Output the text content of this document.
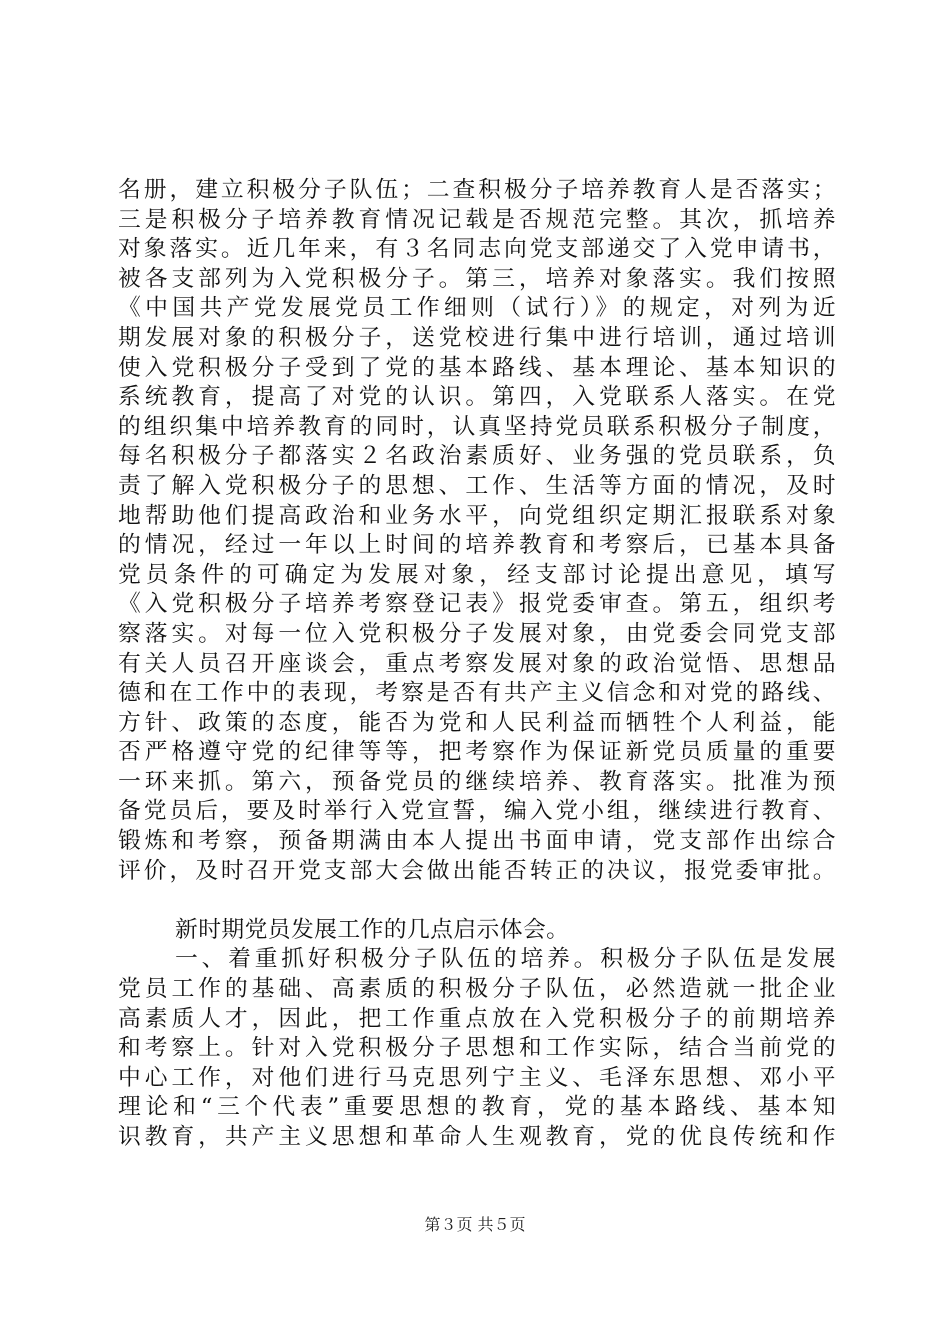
名册，建立积极分子队伍；二查积极分子培养教育人是否落实；
三是积极分子培养教育情况记载是否规范完整。其次，抓培养
对象落实。近几年来，有３名同志向党支部递交了入党申请书，
被各支部列为入党积极分子。第三，培养对象落实。我们按照
《中国共产党发展党员工作细则（试行）》的规定，对列为近
期发展对象的积极分子，送党校进行集中进行培训，通过培训
使入党积极分子受到了党的基本路线、基本理论、基本知识的
系统教育，提高了对党的认识。第四，入党联系人落实。在党
的组织集中培养教育的同时，认真坚持党员联系积极分子制度，
每名积极分子都落实２名政治素质好、业务强的党员联系，负
责了解入党积极分子的思想、工作、生活等方面的情况，及时
地帮助他们提高政治和业务水平，向党组织定期汇报联系对象
的情况，经过一年以上时间的培养教育和考察后，已基本具备
党员条件的可确定为发展对象，经支部讨论提出意见，填写
《入党积极分子培养考察登记表》报党委审查。第五，组织考
察落实。对每一位入党积极分子发展对象，由党委会同党支部
有关人员召开座谈会，重点考察发展对象的政治觉悟、思想品
德和在工作中的表现，考察是否有共产主义信念和对党的路线、
方针、政策的态度，能否为党和人民利益而牺牲个人利益，能
否严格遵守党的纪律等等，把考察作为保证新党员质量的重要
一环来抓。第六，预备党员的继续培养、教育落实。批准为预
备党员后，要及时举行入党宣誓，编入党小组，继续进行教育、
锻炼和考察，预备期满由本人提出书面申请，党支部作出综合
评价，及时召开党支部大会做出能否转正的决议，报党委审批。
新时期党员发展工作的几点启示体会。
一、着重抓好积极分子队伍的培养。积极分子队伍是发展
党员工作的基础、高素质的积极分子队伍，必然造就一批企业
高素质人才，因此，把工作重点放在入党积极分子的前期培养
和考察上。针对入党积极分子思想和工作实际，结合当前党的
中心工作，对他们进行马克思列宁主义、毛泽东思想、邓小平
理论和“三个代表”重要思想的教育，党的基本路线、基本知
识教育，共产主义思想和革命人生观教育，党的优良传统和作
第３页 共５页
